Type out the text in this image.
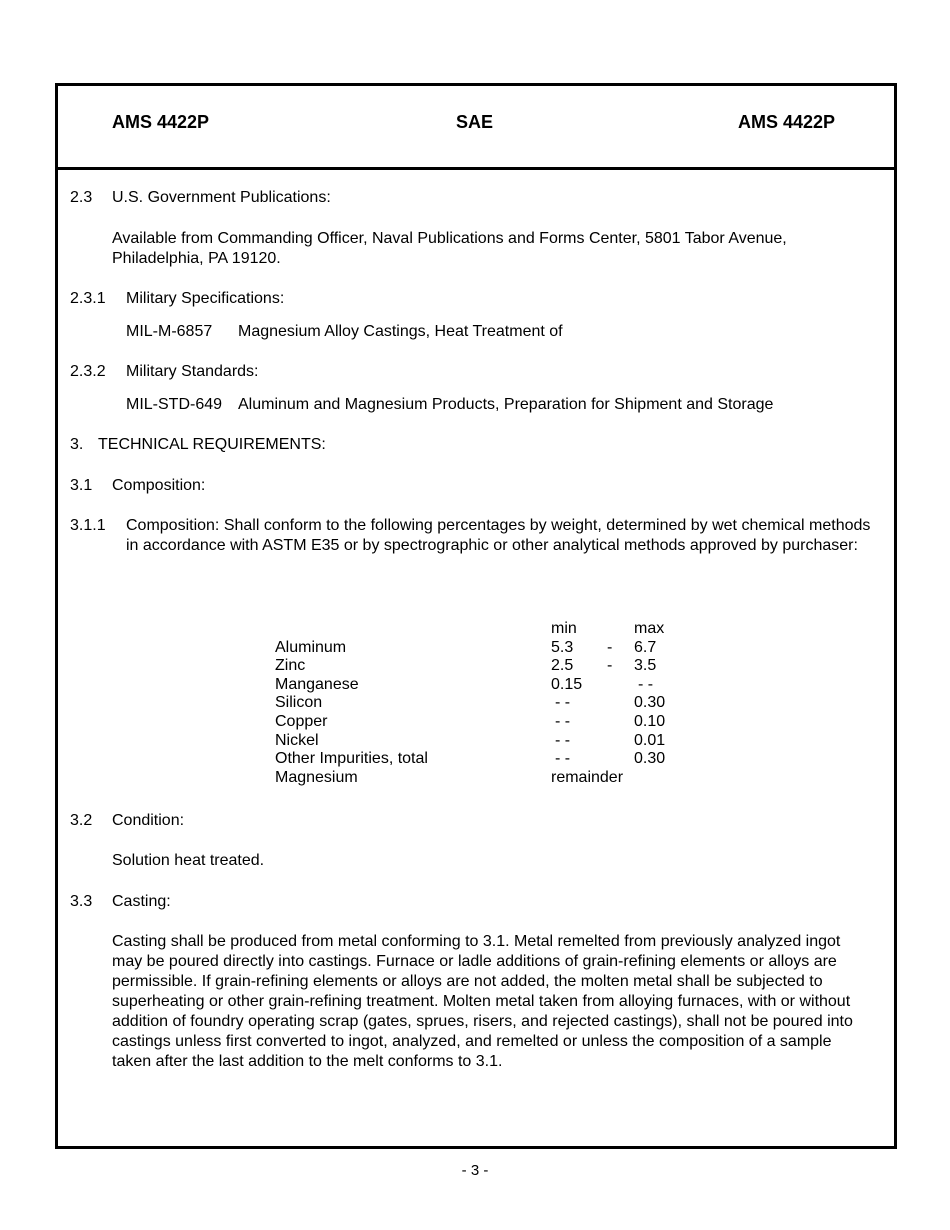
AMS 4422P	SAE	AMS 4422P
2.3 U.S. Government Publications:
Available from Commanding Officer, Naval Publications and Forms Center, 5801 Tabor Avenue, Philadelphia, PA 19120.
2.3.1 Military Specifications:
MIL-M-6857 Magnesium Alloy Castings, Heat Treatment of
2.3.2 Military Standards:
MIL-STD-649 Aluminum and Magnesium Products, Preparation for Shipment and Storage
3. TECHNICAL REQUIREMENTS:
3.1 Composition:
3.1.1 Composition: Shall conform to the following percentages by weight, determined by wet chemical methods in accordance with ASTM E35 or by spectrographic or other analytical methods approved by purchaser:
	min		max
Aluminum	5.3	-	6.7
Zinc	2.5	-	3.5
Manganese	0.15		- -
Silicon	- -		0.30
Copper	- -		0.10
Nickel	- -		0.01
Other Impurities, total	- -		0.30
Magnesium	remainder		
3.2 Condition:
Solution heat treated.
3.3 Casting:
Casting shall be produced from metal conforming to 3.1. Metal remelted from previously analyzed ingot may be poured directly into castings. Furnace or ladle additions of grain-refining elements or alloys are permissible. If grain-refining elements or alloys are not added, the molten metal shall be subjected to superheating or other grain-refining treatment. Molten metal taken from alloying furnaces, with or without addition of foundry operating scrap (gates, sprues, risers, and rejected castings), shall not be poured into castings unless first converted to ingot, analyzed, and remelted or unless the composition of a sample taken after the last addition to the melt conforms to 3.1.
- 3 -
